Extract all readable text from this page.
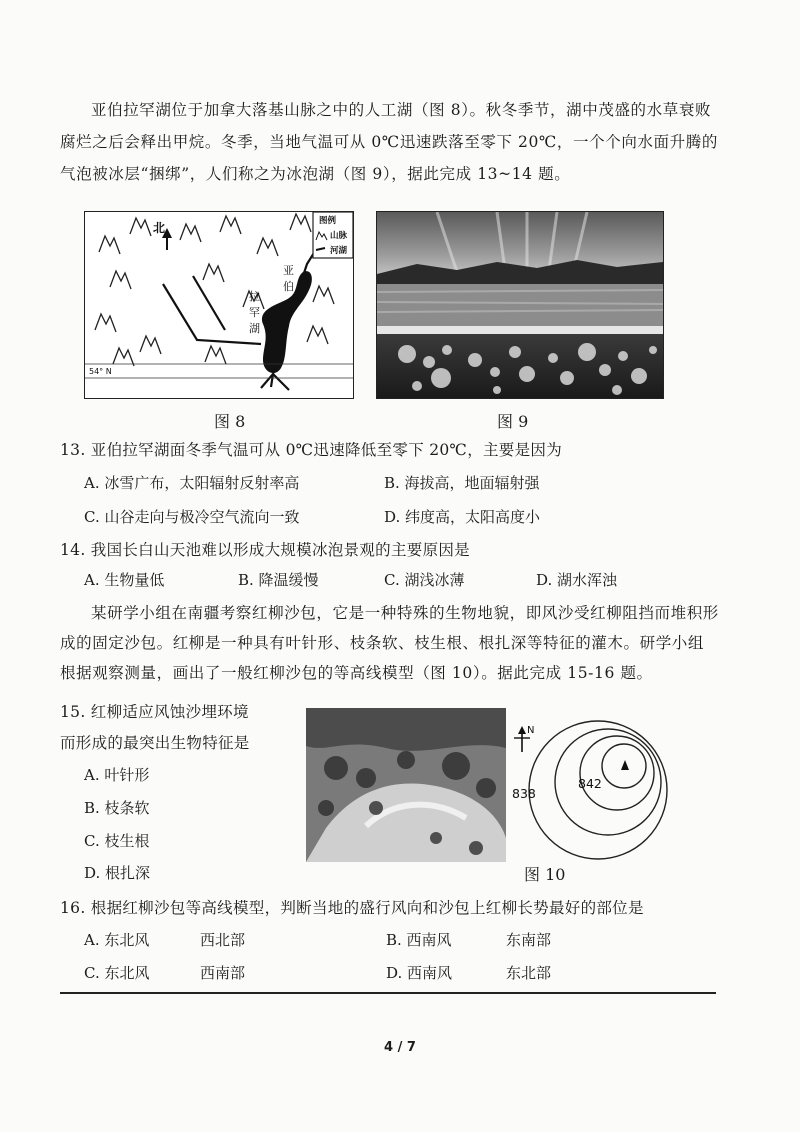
亚伯拉罕湖位于加拿大落基山脉之中的人工湖（图 8）。秋冬季节，湖中茂盛的水草衰败腐烂之后会释出甲烷。冬季，当地气温可从 0℃迅速跌落至零下 20℃，一个个向水面升腾的气泡被冰层“捆绑”，人们称之为冰泡湖（图 9），据此完成 13~14 题。
亚
伯
拉
罕
湖
北	图例
山脉
河湖
54° N
图 8	图 9
13. 亚伯拉罕湖面冬季气温可从 0℃迅速降低至零下 20℃，主要是因为
A. 冰雪广布，太阳辐射反射率高	B. 海拔高，地面辐射强
C. 山谷走向与极冷空气流向一致	D. 纬度高，太阳高度小
14. 我国长白山天池难以形成大规模冰泡景观的主要原因是
A. 生物量低	B. 降温缓慢	C. 湖浅冰薄	D. 湖水浑浊
某研学小组在南疆考察红柳沙包，它是一种特殊的生物地貌，即风沙受红柳阻挡而堆积形成的固定沙包。红柳是一种具有叶针形、枝条软、枝生根、根扎深等特征的灌木。研学小组根据观察测量，画出了一般红柳沙包的等高线模型（图 10）。据此完成 15-16 题。
15. 红柳适应风蚀沙埋环境
而形成的最突出生物特征是
A. 叶针形
B. 枝条软
C. 枝生根
D. 根扎深
N
838
842
图 10
16. 根据红柳沙包等高线模型，判断当地的盛行风向和沙包上红柳长势最好的部位是
A. 东北风	西北部	B. 西南风	东南部
C. 东北风	西南部	D. 西南风	东北部
4 / 7
